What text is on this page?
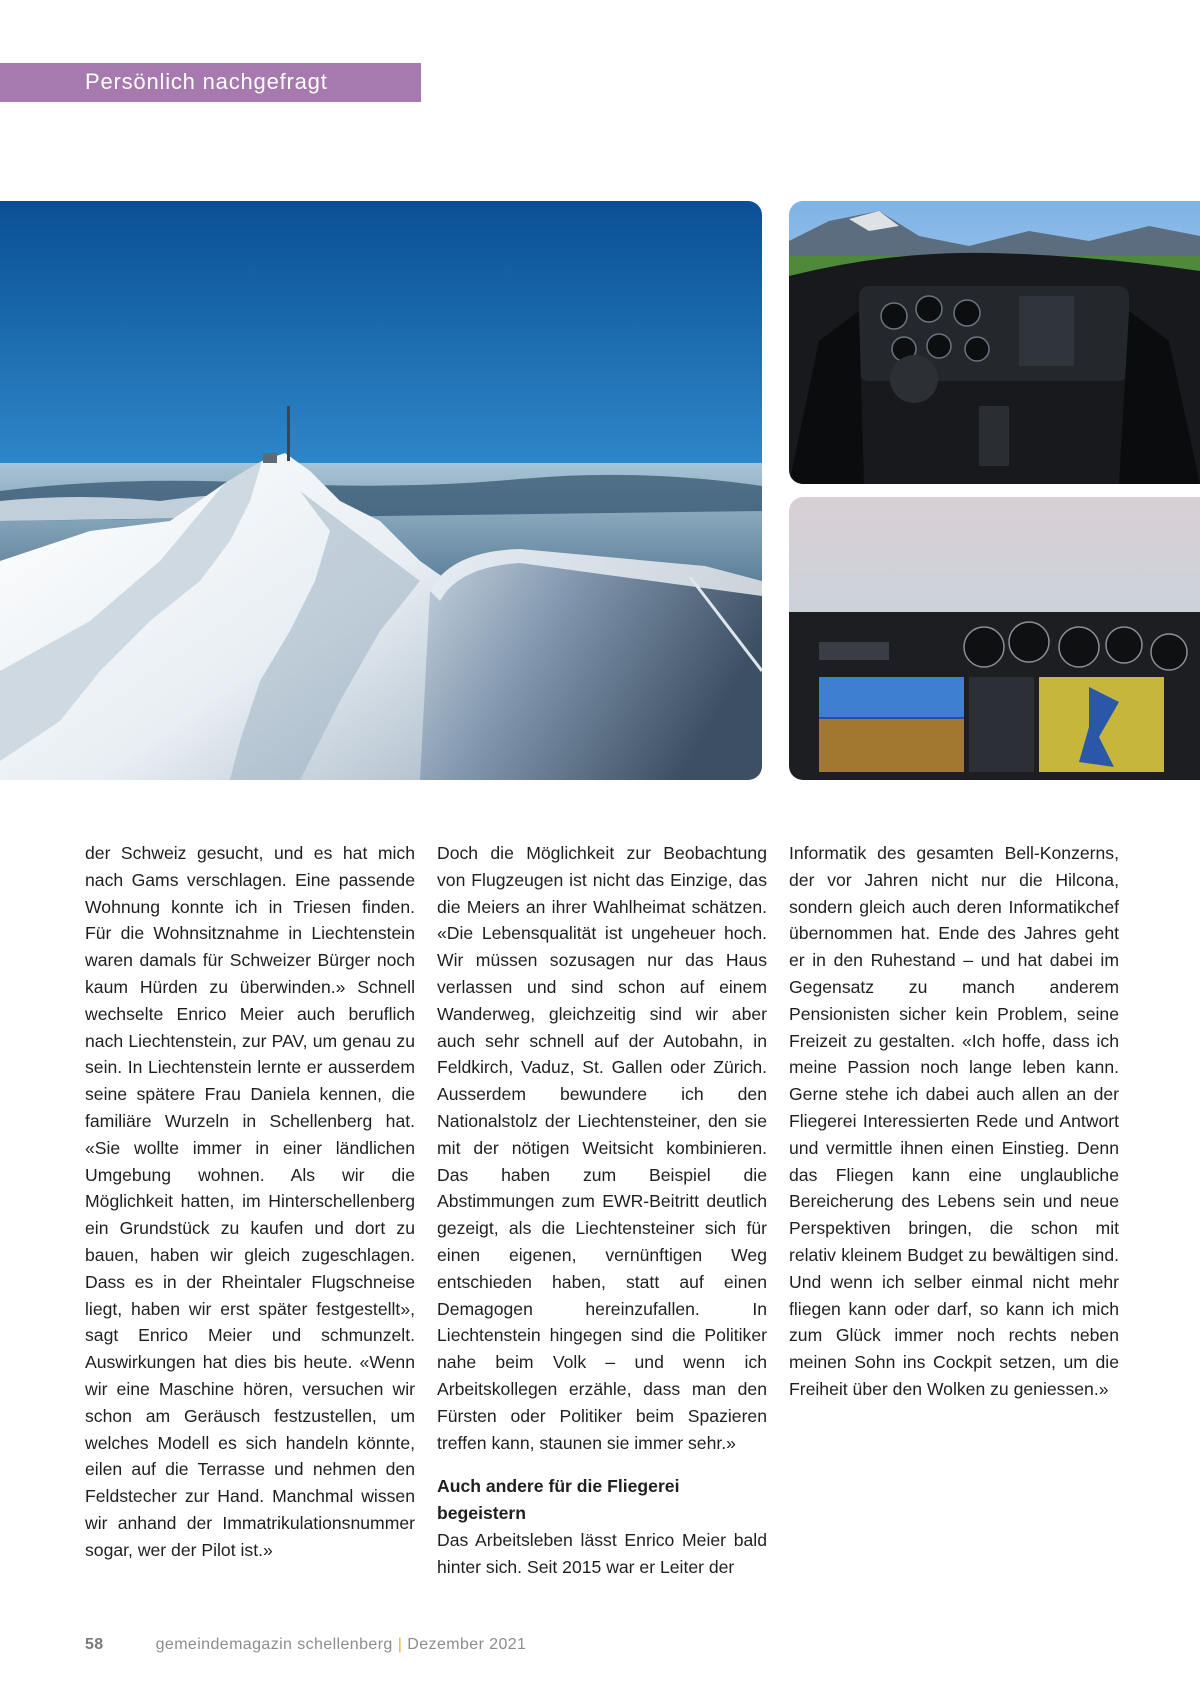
Persönlich nachgefragt

der Schweiz gesucht, und es hat mich nach Gams verschlagen. Eine passende Wohnung konnte ich in Triesen finden. Für die Wohnsitznahme in Liechtenstein waren damals für Schweizer Bürger noch kaum Hürden zu überwinden.» Schnell wechselte Enrico Meier auch beruflich nach Liechtenstein, zur PAV, um genau zu sein. In Liechtenstein lernte er ausserdem seine spätere Frau Daniela kennen, die familiäre Wurzeln in Schellenberg hat. «Sie wollte immer in einer ländlichen Umgebung wohnen. Als wir die Möglichkeit hatten, im Hinterschellenberg ein Grundstück zu kaufen und dort zu bauen, haben wir gleich zugeschlagen. Dass es in der Rheintaler Flugschneise liegt, haben wir erst später festgestellt», sagt Enrico Meier und schmunzelt. Auswirkungen hat dies bis heute. «Wenn wir eine Maschine hören, versuchen wir schon am Geräusch festzustellen, um welches Modell es sich handeln könnte, eilen auf die Terrasse und nehmen den Feldstecher zur Hand. Manchmal wissen wir anhand der Immatrikulationsnummer sogar, wer der Pilot ist.»

Doch die Möglichkeit zur Beobachtung von Flugzeugen ist nicht das Einzige, das die Meiers an ihrer Wahlheimat schätzen. «Die Lebensqualität ist ungeheuer hoch. Wir müssen sozusagen nur das Haus verlassen und sind schon auf einem Wanderweg, gleichzeitig sind wir aber auch sehr schnell auf der Autobahn, in Feldkirch, Vaduz, St. Gallen oder Zürich. Ausserdem bewundere ich den Nationalstolz der Liechtensteiner, den sie mit der nötigen Weitsicht kombinieren. Das haben zum Beispiel die Abstimmungen zum EWR-Beitritt deutlich gezeigt, als die Liechtensteiner sich für einen eigenen, vernünftigen Weg entschieden haben, statt auf einen Demagogen hereinzufallen. In Liechtenstein hingegen sind die Politiker nahe beim Volk – und wenn ich Arbeitskollegen erzähle, dass man den Fürsten oder Politiker beim Spazieren treffen kann, staunen sie immer sehr.»

Auch andere für die Fliegerei begeistern

Das Arbeitsleben lässt Enrico Meier bald hinter sich. Seit 2015 war er Leiter der

Informatik des gesamten Bell-Konzerns, der vor Jahren nicht nur die Hilcona, sondern gleich auch deren Informatikchef übernommen hat. Ende des Jahres geht er in den Ruhestand – und hat dabei im Gegensatz zu manch anderem Pensionisten sicher kein Problem, seine Freizeit zu gestalten. «Ich hoffe, dass ich meine Passion noch lange leben kann. Gerne stehe ich dabei auch allen an der Fliegerei Interessierten Rede und Antwort und vermittle ihnen einen Einstieg. Denn das Fliegen kann eine unglaubliche Bereicherung des Lebens sein und neue Perspektiven bringen, die schon mit relativ kleinem Budget zu bewältigen sind. Und wenn ich selber einmal nicht mehr fliegen kann oder darf, so kann ich mich zum Glück immer noch rechts neben meinen Sohn ins Cockpit setzen, um die Freiheit über den Wolken zu geniessen.»

58	gemeindemagazin schellenberg | Dezember 2021
